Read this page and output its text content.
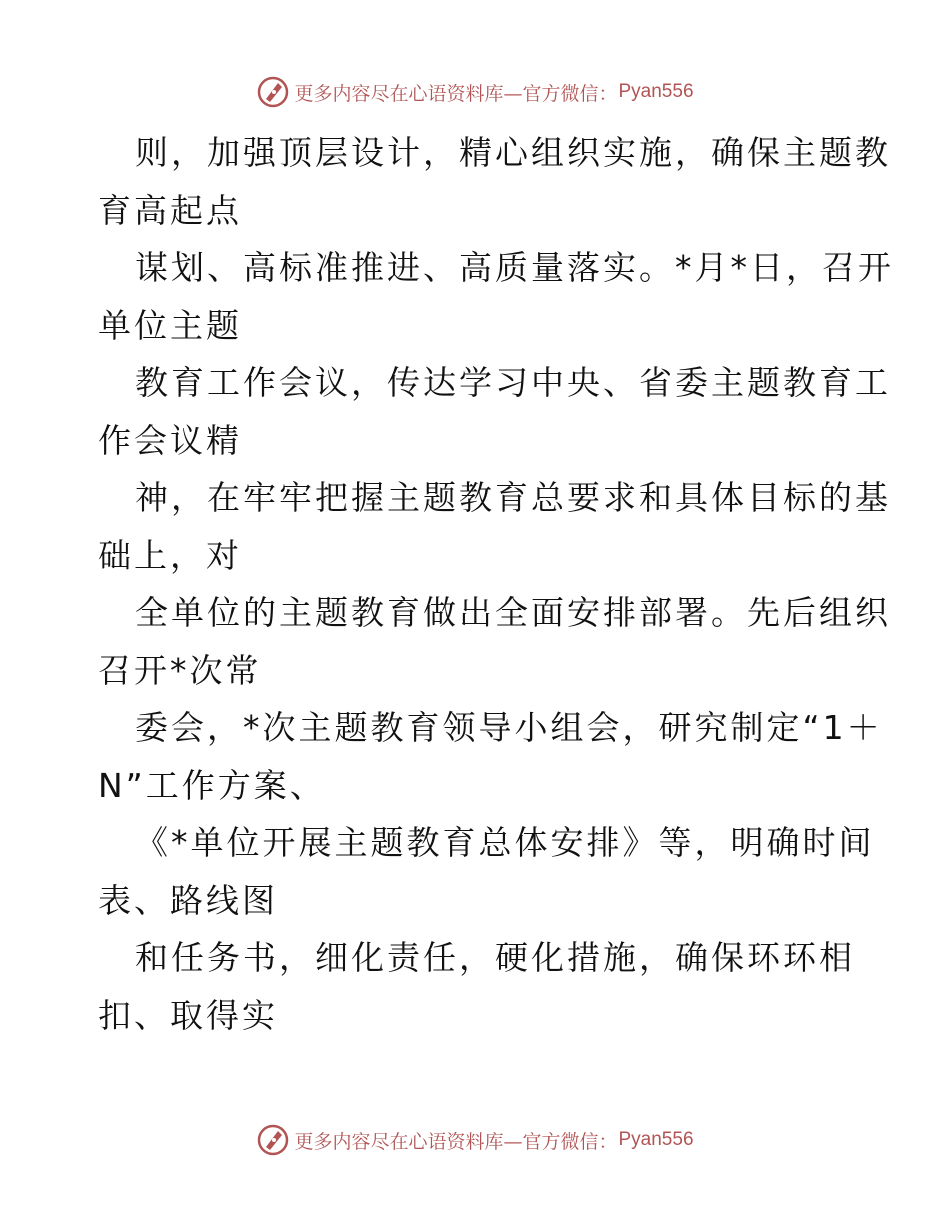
更多内容尽在心语资料库—官方微信： Pyan556
则，加强顶层设计，精心组织实施，确保主题教
育高起点
谋划、高标准推进、高质量落实。*月*日，召开
单位主题
教育工作会议，传达学习中央、省委主题教育工
作会议精
神，在牢牢把握主题教育总要求和具体目标的基
础上，对
全单位的主题教育做出全面安排部署。先后组织
召开*次常
委会，*次主题教育领导小组会，研究制定“1＋
N”工作方案、
《*单位开展主题教育总体安排》等，明确时间
表、路线图
和任务书，细化责任，硬化措施，确保环环相
扣、取得实
更多内容尽在心语资料库—官方微信： Pyan556
